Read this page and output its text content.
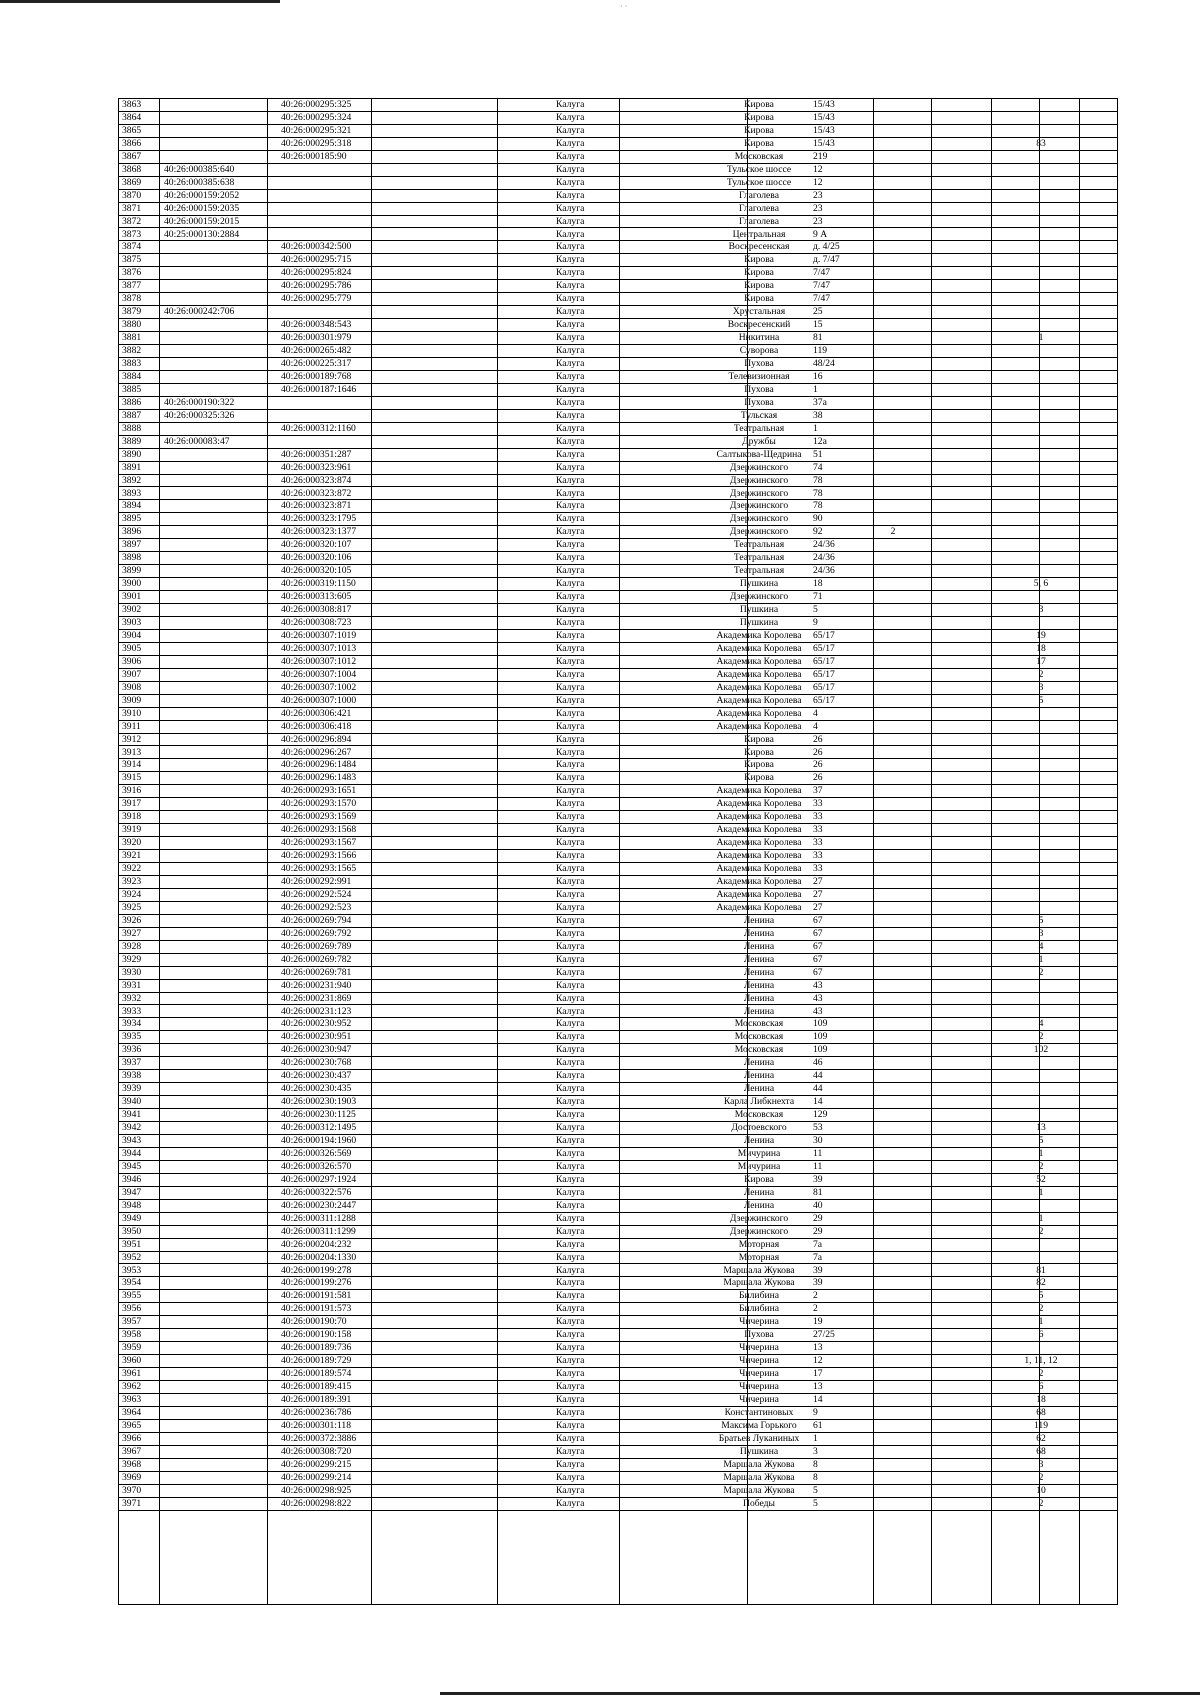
· ·
3863	40:26:000295:325	Калуга	Кирова	15/43
3864	40:26:000295:324	Калуга	Кирова	15/43
3865	40:26:000295:321	Калуга	Кирова	15/43
3866	40:26:000295:318	Калуга	Кирова	15/43	83
3867	40:26:000185:90	Калуга	Московская	219
3868	40:26:000385:640	Калуга	Тульское шоссе	12
3869	40:26:000385:638	Калуга	Тульское шоссе	12
3870	40:26:000159:2052	Калуга	Глаголева	23
3871	40:26:000159:2035	Калуга	Глаголева	23
3872	40:26:000159:2015	Калуга	Глаголева	23
3873	40:25:000130:2884	Калуга	Центральная	9 А
3874	40:26:000342:500	Калуга	Воскресенская	д. 4/25
3875	40:26:000295:715	Калуга	Кирова	д. 7/47
3876	40:26:000295:824	Калуга	Кирова	7/47
3877	40:26:000295:786	Калуга	Кирова	7/47
3878	40:26:000295:779	Калуга	Кирова	7/47
3879	40:26:000242:706	Калуга	Хрустальная	25
3880	40:26:000348:543	Калуга	Воскресенский	15
3881	40:26:000301:979	Калуга	Никитина	81	1
3882	40:26:000265:482	Калуга	Суворова	119
3883	40:26:000225:317	Калуга	Пухова	48/24
3884	40:26:000189:768	Калуга	Телевизионная	16
3885	40:26:000187:1646	Калуга	Пухова	1
3886	40:26:000190:322	Калуга	Пухова	37а
3887	40:26:000325:326	Калуга	Тульская	38
3888	40:26:000312:1160	Калуга	Театральная	1
3889	40:26:000083:47	Калуга	Дружбы	12а
3890	40:26:000351:287	Калуга	Салтыкова-Щедрина	51
3891	40:26:000323:961	Калуга	Дзержинского	74
3892	40:26:000323:874	Калуга	Дзержинского	78
3893	40:26:000323:872	Калуга	Дзержинского	78
3894	40:26:000323:871	Калуга	Дзержинского	78
3895	40:26:000323:1795	Калуга	Дзержинского	90
3896	40:26:000323:1377	Калуга	Дзержинского	92	2
3897	40:26:000320:107	Калуга	Театральная	24/36
3898	40:26:000320:106	Калуга	Театральная	24/36
3899	40:26:000320:105	Калуга	Театральная	24/36
3900	40:26:000319:1150	Калуга	Пушкина	18	5, 6
3901	40:26:000313:605	Калуга	Дзержинского	71
3902	40:26:000308:817	Калуга	Пушкина	5	3
3903	40:26:000308:723	Калуга	Пушкина	9
3904	40:26:000307:1019	Калуга	Академика Королева	65/17	19
3905	40:26:000307:1013	Калуга	Академика Королева	65/17	18
3906	40:26:000307:1012	Калуга	Академика Королева	65/17	17
3907	40:26:000307:1004	Калуга	Академика Королева	65/17	2
3908	40:26:000307:1002	Калуга	Академика Королева	65/17	3
3909	40:26:000307:1000	Калуга	Академика Королева	65/17	5
3910	40:26:000306:421	Калуга	Академика Королева	4
3911	40:26:000306:418	Калуга	Академика Королева	4
3912	40:26:000296:894	Калуга	Кирова	26
3913	40:26:000296:267	Калуга	Кирова	26
3914	40:26:000296:1484	Калуга	Кирова	26
3915	40:26:000296:1483	Калуга	Кирова	26
3916	40:26:000293:1651	Калуга	Академика Королева	37
3917	40:26:000293:1570	Калуга	Академика Королева	33
3918	40:26:000293:1569	Калуга	Академика Королева	33
3919	40:26:000293:1568	Калуга	Академика Королева	33
3920	40:26:000293:1567	Калуга	Академика Королева	33
3921	40:26:000293:1566	Калуга	Академика Королева	33
3922	40:26:000293:1565	Калуга	Академика Королева	33
3923	40:26:000292:991	Калуга	Академика Королева	27
3924	40:26:000292:524	Калуга	Академика Королева	27
3925	40:26:000292:523	Калуга	Академика Королева	27
3926	40:26:000269:794	Калуга	Ленина	67	5
3927	40:26:000269:792	Калуга	Ленина	67	3
3928	40:26:000269:789	Калуга	Ленина	67	4
3929	40:26:000269:782	Калуга	Ленина	67	1
3930	40:26:000269:781	Калуга	Ленина	67	2
3931	40:26:000231:940	Калуга	Ленина	43
3932	40:26:000231:869	Калуга	Ленина	43
3933	40:26:000231:123	Калуга	Ленина	43
3934	40:26:000230:952	Калуга	Московская	109	4
3935	40:26:000230:951	Калуга	Московская	109	2
3936	40:26:000230:947	Калуга	Московская	109	102
3937	40:26:000230:768	Калуга	Ленина	46
3938	40:26:000230:437	Калуга	Ленина	44
3939	40:26:000230:435	Калуга	Ленина	44
3940	40:26:000230:1903	Калуга	Карла Либкнехта	14
3941	40:26:000230:1125	Калуга	Московская	129
3942	40:26:000312:1495	Калуга	Достоевского	53	13
3943	40:26:000194:1960	Калуга	Ленина	30	5
3944	40:26:000326:569	Калуга	Мичурина	11	1
3945	40:26:000326:570	Калуга	Мичурина	11	2
3946	40:26:000297:1924	Калуга	Кирова	39	52
3947	40:26:000322:576	Калуга	Ленина	81	1
3948	40:26:000230:2447	Калуга	Ленина	40
3949	40:26:000311:1288	Калуга	Дзержинского	29	1
3950	40:26:000311:1299	Калуга	Дзержинского	29	2
3951	40:26:000204:232	Калуга	Моторная	7а
3952	40:26:000204:1330	Калуга	Моторная	7а
3953	40:26:000199:278	Калуга	Маршала Жукова	39	81
3954	40:26:000199:276	Калуга	Маршала Жукова	39	82
3955	40:26:000191:581	Калуга	Билибина	2	5
3956	40:26:000191:573	Калуга	Билибина	2	2
3957	40:26:000190:70	Калуга	Чичерина	19	1
3958	40:26:000190:158	Калуга	Пухова	27/25	6
3959	40:26:000189:736	Калуга	Чичерина	13
3960	40:26:000189:729	Калуга	Чичерина	12	1, 11, 12
3961	40:26:000189:574	Калуга	Чичерина	17	2
3962	40:26:000189:415	Калуга	Чичерина	13	6
3963	40:26:000189:391	Калуга	Чичерина	14	18
3964	40:26:000236:786	Калуга	Константиновых	9	68
3965	40:26:000301:118	Калуга	Максима Горького	61	119
3966	40:26:000372:3886	Калуга	Братьев Луканиных	1	62
3967	40:26:000308:720	Калуга	Пушкина	3	68
3968	40:26:000299:215	Калуга	Маршала Жукова	8	3
3969	40:26:000299:214	Калуга	Маршала Жукова	8	2
3970	40:26:000298:925	Калуга	Маршала Жукова	5	10
3971	40:26:000298:822	Калуга	Победы	5	2
